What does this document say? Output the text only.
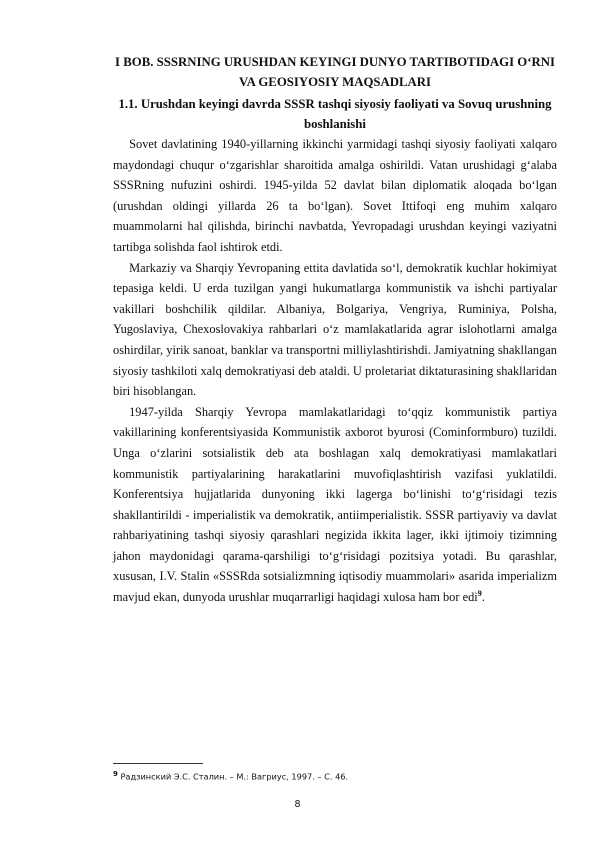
I BOB. SSSRNING URUSHDAN KEYINGI DUNYO TARTIBOTIDAGI O‘RNI VA GEOSIYOSIY MAQSADLARI

1.1. Urushdan keyingi davrda SSSR tashqi siyosiy faoliyati va Sovuq urushning boshlanishi

Sovet davlatining 1940-yillarning ikkinchi yarmidagi tashqi siyosiy faoliyati xalqaro maydondagi chuqur o‘zgarishlar sharoitida amalga oshirildi. Vatan urushidagi g‘alaba SSSRning nufuzini oshirdi. 1945-yilda 52 davlat bilan diplomatik aloqada bo‘lgan (urushdan oldingi yillarda 26 ta bo‘lgan). Sovet Ittifoqi eng muhim xalqaro muammolarni hal qilishda, birinchi navbatda, Yevropadagi urushdan keyingi vaziyatni tartibga solishda faol ishtirok etdi.

Markaziy va Sharqiy Yevropaning ettita davlatida so‘l, demokratik kuchlar hokimiyat tepasiga keldi. U erda tuzilgan yangi hukumatlarga kommunistik va ishchi partiyalar vakillari boshchilik qildilar. Albaniya, Bolgariya, Vengriya, Ruminiya, Polsha, Yugoslaviya, Chexoslovakiya rahbarlari o‘z mamlakatlarida agrar islohotlarni amalga oshirdilar, yirik sanoat, banklar va transportni milliylashtirishdi. Jamiyatning shakllangan siyosiy tashkiloti xalq demokratiyasi deb ataldi. U proletariat diktaturasining shakllaridan biri hisoblangan.

1947-yilda Sharqiy Yevropa mamlakatlaridagi to‘qqiz kommunistik partiya vakillarining konferentsiyasida Kommunistik axborot byurosi (Cominformburo) tuzildi. Unga o‘zlarini sotsialistik deb ata boshlagan xalq demokratiyasi mamlakatlari kommunistik partiyalarining harakatlarini muvofiqlashtirish vazifasi yuklatildi. Konferentsiya hujjatlarida dunyoning ikki lagerga bo‘linishi to‘g‘risidagi tezis shakllantirildi - imperialistik va demokratik, antiimperialistik. SSSR partiyaviy va davlat rahbariyatining tashqi siyosiy qarashlari negizida ikkita lager, ikki ijtimoiy tizimning jahon maydonidagi qarama-qarshiligi to‘g‘risidagi pozitsiya yotadi. Bu qarashlar, xususan, I.V. Stalin «SSSRda sotsializmning iqtisodiy muammolari» asarida imperializm mavjud ekan, dunyoda urushlar muqarrarligi haqidagi xulosa ham bor edi$^9$.

9 Радзинский Э.С. Сталин. – М.: Вагриус, 1997. – С. 46.
8
